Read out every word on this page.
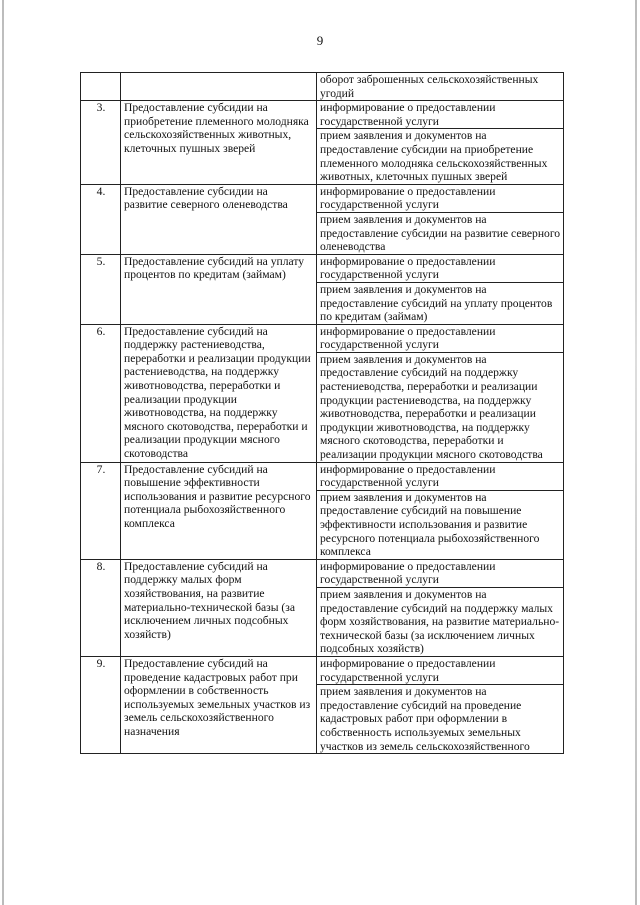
9
		оборот заброшенных сельскохозяйственных угодий
3.	Предоставление субсидии на приобретение племенного молодняка сельскохозяйственных животных, клеточных пушных зверей	информирование о предоставлении государственной услуги
		прием заявления и документов на предоставление субсидии на приобретение племенного молодняка сельскохозяйственных животных, клеточных пушных зверей
4.	Предоставление субсидии на развитие северного оленеводства	информирование о предоставлении государственной услуги
		прием заявления и документов на предоставление субсидии на развитие северного оленеводства
5.	Предоставление субсидий на уплату процентов по кредитам (займам)	информирование о предоставлении государственной услуги
		прием заявления и документов на предоставление субсидий на уплату процентов по кредитам (займам)
6.	Предоставление субсидий на поддержку растениеводства, переработки и реализации продукции растениеводства, на поддержку животноводства, переработки и реализации продукции животноводства, на поддержку мясного скотоводства, переработки и реализации продукции мясного скотоводства	информирование о предоставлении государственной услуги
		прием заявления и документов на предоставление субсидий на поддержку растениеводства, переработки и реализации продукции растениеводства, на поддержку животноводства, переработки и реализации продукции животноводства, на поддержку мясного скотоводства, переработки и реализации продукции мясного скотоводства
7.	Предоставление субсидий на повышение эффективности использования и развитие ресурсного потенциала рыбохозяйственного комплекса	информирование о предоставлении государственной услуги
		прием заявления и документов на предоставление субсидий на повышение эффективности использования и развитие ресурсного потенциала рыбохозяйственного комплекса
8.	Предоставление субсидий на поддержку малых форм хозяйствования, на развитие материально-технической базы (за исключением личных подсобных хозяйств)	информирование о предоставлении государственной услуги
		прием заявления и документов на предоставление субсидий на поддержку малых форм хозяйствования, на развитие материально-технической базы (за исключением личных подсобных хозяйств)
9.	Предоставление субсидий на проведение кадастровых работ при оформлении в собственность используемых земельных участков из земель сельскохозяйственного назначения	информирование о предоставлении государственной услуги
		прием заявления и документов на предоставление субсидий на проведение кадастровых работ при оформлении в собственность используемых земельных участков из земель сельскохозяйственного
